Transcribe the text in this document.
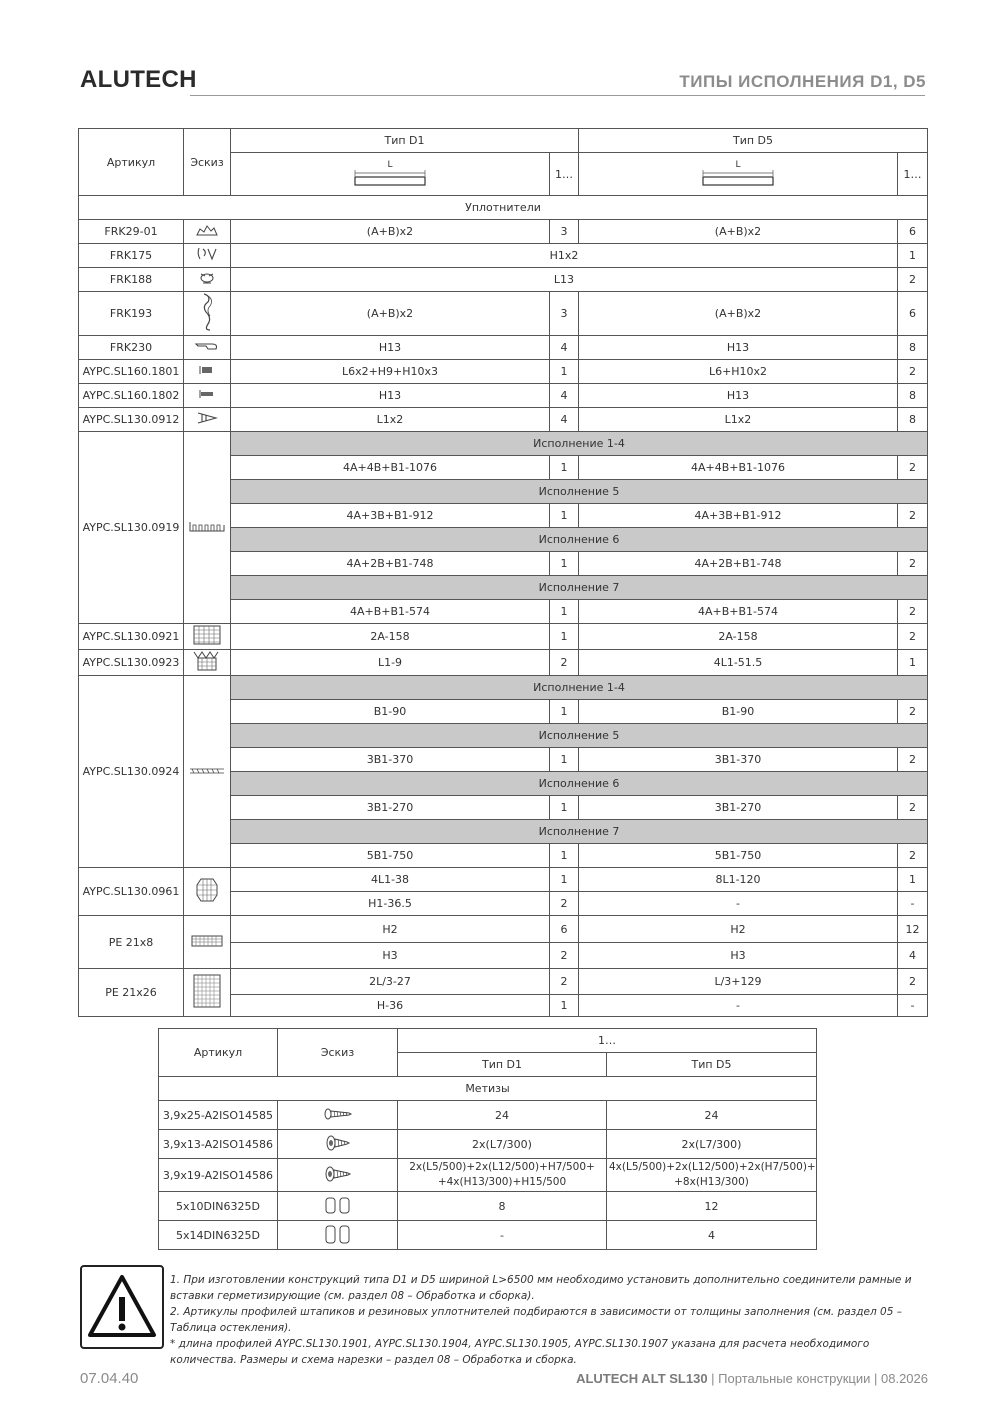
ALUTECH	ТИПЫ ИСПОЛНЕНИЯ D1, D5
Артикул	Эскиз	Тип D1		Тип D5	

		L	1…	L	1…
Уплотнители					
FRK29-01		(A+B)x2	3	(A+B)x2	6
FRK175		H1x2			1
FRK188		L13			2
FRK193		(A+B)x2	3	(A+B)x2	6
FRK230		H13	4	H13	8
AYPC.SL160.1801		L6x2+H9+H10x3	1	L6+H10x2	2
AYPC.SL160.1802		H13	4	H13	8
AYPC.SL130.0912		L1x2	4	L1x2	8
AYPC.SL130.0919		Исполнение 1-4			
		4A+4B+B1-1076	1	4A+4B+B1-1076	2
		Исполнение 5			
		4A+3B+B1-912	1	4A+3B+B1-912	2
		Исполнение 6			
		4A+2B+B1-748	1	4A+2B+B1-748	2
		Исполнение 7			
		4A+B+B1-574	1	4A+B+B1-574	2
AYPC.SL130.0921		2A-158	1	2A-158	2
AYPC.SL130.0923		L1-9	2	4L1-51.5	1
AYPC.SL130.0924		Исполнение 1-4			
		B1-90	1	B1-90	2
		Исполнение 5			
		3B1-370	1	3B1-370	2
		Исполнение 6			
		3B1-270	1	3B1-270	2
		Исполнение 7			
		5B1-750	1	5B1-750	2
AYPC.SL130.0961		4L1-38	1	8L1-120	1
		H1-36.5	2	-	-
PE 21x8		H2	6	H2	12
		H3	2	H3	4
PE 21x26		2L/3-27	2	L/3+129	2
		H-36	1	-	-
Артикул	Эскиз	1…	
		Тип D1	Тип D5
Метизы			
3,9x25-A2ISO14585		24	24
3,9x13-A2ISO14586		2x(L7/300)	2x(L7/300)
3,9x19-A2ISO14586		2x(L5/500)+2x(L12/500)+H7/500+ +4x(H13/300)+H15/500	4x(L5/500)+2x(L12/500)+2x(H7/500)+ +8x(H13/300)
5x10DIN6325D		8	12
5x14DIN6325D		-	4

1. При изготовлении конструкций типа D1 и D5 шириной L>6500 мм необходимо установить дополнительно соединители рамные и вставки герметизирующие (см. раздел 08 – Обработка и сборка).

2. Артикулы профилей штапиков и резиновых уплотнителей подбираются в зависимости от толщины заполнения (см. раздел 05 – Таблица остекления).

* длина профилей AYPC.SL130.1901, AYPC.SL130.1904, AYPC.SL130.1905, AYPC.SL130.1907 указана для расчета необходимого количества. Размеры и схема нарезки – раздел 08 – Обработка и сборка.

07.04.40	ALUTECH ALT SL130 | Портальные конструкции | 08.2026
